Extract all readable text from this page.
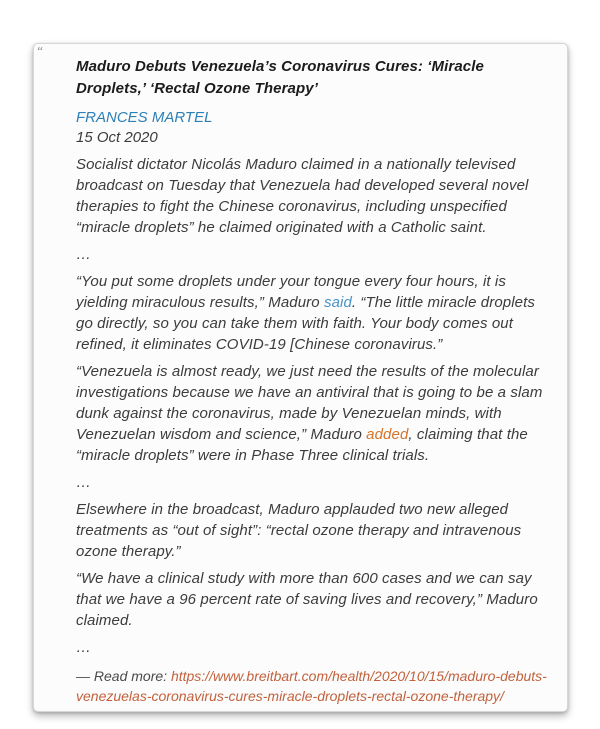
“
Maduro Debuts Venezuela’s Coronavirus Cures: ‘Miracle Droplets,’ ‘Rectal Ozone Therapy’
FRANCES MARTEL
15 Oct 2020

Socialist dictator Nicolás Maduro claimed in a nationally televised broadcast on Tuesday that Venezuela had developed several novel therapies to fight the Chinese coronavirus, including unspecified “miracle droplets” he claimed originated with a Catholic saint.

…

“You put some droplets under your tongue every four hours, it is yielding miraculous results,” Maduro said. “The little miracle droplets go directly, so you can take them with faith. Your body comes out refined, it eliminates COVID-19 [Chinese coronavirus.”

“Venezuela is almost ready, we just need the results of the molecular investigations because we have an antiviral that is going to be a slam dunk against the coronavirus, made by Venezuelan minds, with Venezuelan wisdom and science,” Maduro added, claiming that the “miracle droplets” were in Phase Three clinical trials.

…

Elsewhere in the broadcast, Maduro applauded two new alleged treatments as “out of sight”: “rectal ozone therapy and intravenous ozone therapy.”

“We have a clinical study with more than 600 cases and we can say that we have a 96 percent rate of saving lives and recovery,” Maduro claimed.

…

— Read more: https://www.breitbart.com/health/2020/10/15/maduro-debuts-venezuelas-coronavirus-cures-miracle-droplets-rectal-ozone-therapy/
